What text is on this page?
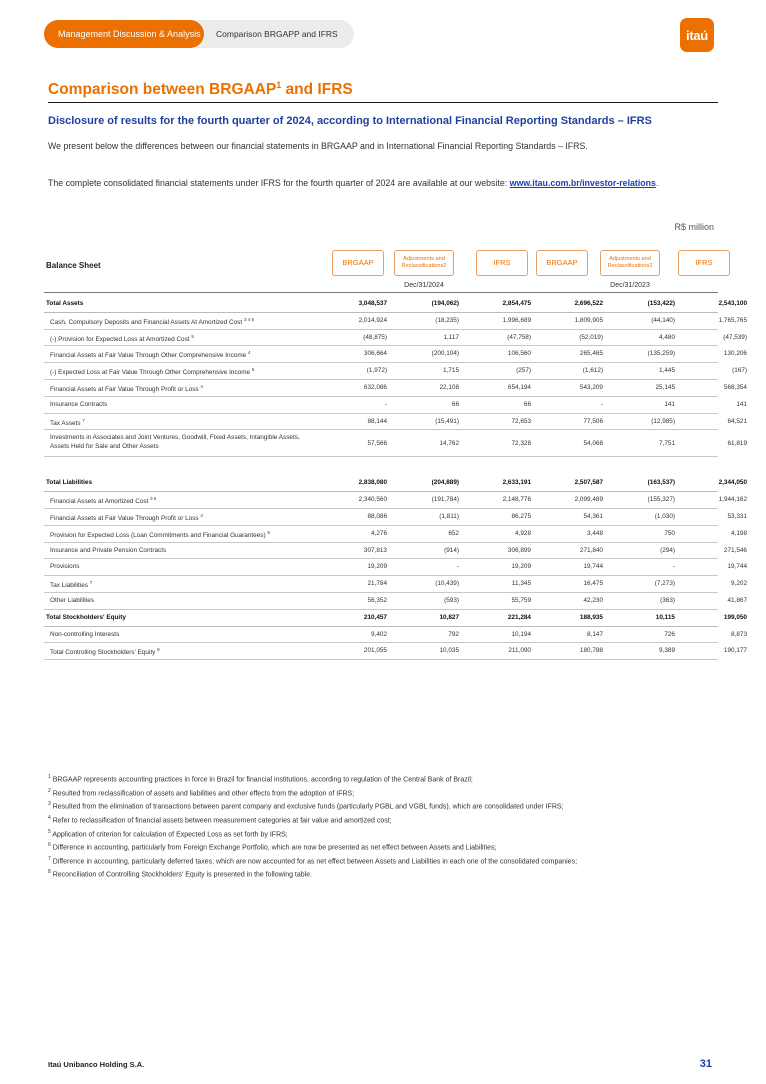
Management Discussion & Analysis	Comparison BRGAPP and IFRS	itaú
Comparison between BRGAAP$^1$ and IFRS
Disclosure of results for the fourth quarter of 2024, according to International Financial Reporting Standards – IFRS

We present below the differences between our financial statements in BRGAAP and in International Financial Reporting Standards – IFRS.

The complete consolidated financial statements under IFRS for the fourth quarter of 2024 are available at our website: www.itau.com.br/investor-relations.

R$ million
Balance Sheet	BRGAAP	Adjustments and Reclassifications2	IFRS	BRGAAP	Adjustments and Reclassifications2	IFRS
Dec/31/2024	Dec/31/2023
Total Assets	3,048,537	(194,062)	2,854,475	2,696,522	(153,422)	2,543,100
Cash, Compulsory Deposits and Financial Assets At Amortized Cost $^{3 4 6}$	2,014,924	(18,235)	1,996,689	1,809,905	(44,140)	1,765,765
(-) Provision for Expected Loss at Amortized Cost $^5$	(48,875)	1,117	(47,758)	(52,019)	4,480	(47,539)
Financial Assets at Fair Value Through Other Comprehensive Income $^4$	306,664	(200,104)	106,560	265,465	(135,259)	130,206
(-) Expected Loss at Fair Value Through Other Comprehensive Income $^5$	(1,972)	1,715	(257)	(1,612)	1,445	(167)
Financial Assets at Fair Value Through Profit or Loss $^4$	632,086	22,108	654,194	543,209	25,145	568,354
Insurance Contracts	-	66	66	-	141	141
Tax Assets $^7$	88,144	(15,491)	72,653	77,506	(12,985)	64,521
Investments in Associates and Joint Ventures, Goodwill, Fixed Assets, Intangible Assets, Assets Held for Sale and Other Assets	57,566	14,762	72,328	54,068	7,751	61,819
Total Liabilities	2,838,080	(204,889)	2,633,191	2,507,587	(163,537)	2,344,050
Financial Assets at Amortized Cost $^{3 6}$	2,340,560	(191,784)	2,148,776	2,099,489	(155,327)	1,944,162
Financial Assets at Fair Value Through Profit or Loss $^4$	88,086	(1,811)	86,275	54,361	(1,030)	53,331
Provision for Expected Loss (Loan Commitments and Financial Guarantees) $^5$	4,276	652	4,928	3,448	750	4,198
Insurance and Private Pension Contracts	307,813	(914)	306,899	271,840	(294)	271,546
Provisions	19,209	-	19,209	19,744	-	19,744
Tax Liabilities $^7$	21,784	(10,439)	11,345	16,475	(7,273)	9,202
Other Liabilities	56,352	(593)	55,759	42,230	(363)	41,867
Total Stockholders' Equity	210,457	10,827	221,284	188,935	10,115	199,050
Non-controlling Interests	9,402	792	10,194	8,147	726	8,873
Total Controlling Stockholders' Equity $^8$	201,055	10,035	211,090	180,788	9,389	190,177
$^1$ BRGAAP represents accounting practices in force in Brazil for financial institutions, according to regulation of the Central Bank of Brazil;
$^2$ Resulted from reclassification of assets and liabilities and other effects from the adoption of IFRS;
$^3$ Resulted from the elimination of transactions between parent company and exclusive funds (particularly PGBL and VGBL funds), which are consolidated under IFRS;
$^4$ Refer to reclassification of financial assets between measurement categories at fair value and amortized cost;
$^5$ Application of criterion for calculation of Expected Loss as set forth by IFRS;
$^6$ Difference in accounting, particularly from Foreign Exchange Portfolio, which are now be presented as net effect between Assets and Liabilities;
$^7$ Difference in accounting, particularly deferred taxes, which are now accounted for as net effect between Assets and Liabilities in each one of the consolidated companies;
$^8$ Reconciliation of Controlling Stockholders' Equity is presented in the following table.
Itaú Unibanco Holding S.A.	31
